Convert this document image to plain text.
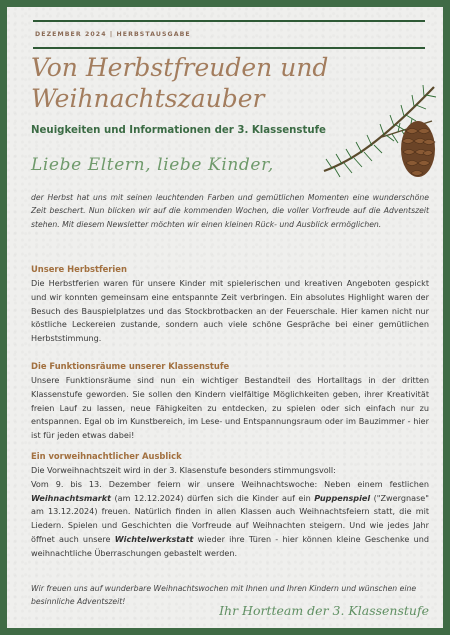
DEZEMBER 2024 | HERBSTAUSGABE
Von Herbstfreuden und
Weihnachtszauber
Neuigkeiten und Informationen der 3. Klassenstufe
Liebe Eltern, liebe Kinder,
der Herbst hat uns mit seinen leuchtenden Farben und gemütlichen Momenten eine wunderschöne Zeit beschert. Nun blicken wir auf die kommenden Wochen, die voller Vorfreude auf die Adventszeit stehen. Mit diesem Newsletter möchten wir einen kleinen Rück- und Ausblick ermöglichen.
Unsere Herbstferien
Die Herbstferien waren für unsere Kinder mit spielerischen und kreativen Angeboten gespickt und wir konnten gemeinsam eine entspannte Zeit verbringen. Ein absolutes Highlight waren der Besuch des Bauspielplatzes und das Stockbrotbacken an der Feuerschale. Hier kamen nicht nur köstliche Leckereien zustande, sondern auch viele schöne Gespräche bei einer gemütlichen Herbststimmung.
Die Funktionsräume unserer Klassenstufe
Unsere Funktionsräume sind nun ein wichtiger Bestandteil des Hortalltags in der dritten Klassenstufe geworden. Sie sollen den Kindern vielfältige Möglichkeiten geben, ihrer Kreativität freien Lauf zu lassen, neue Fähigkeiten zu entdecken, zu spielen oder sich einfach nur zu entspannen. Egal ob im Kunstbereich, im Lese- und Entspannungsraum oder im Bauzimmer - hier ist für jeden etwas dabei!
Ein vorweihnachtlicher Ausblick
Die Vorweihnachtszeit wird in der 3. Klasenstufe besonders stimmungsvoll:
Vom 9. bis 13. Dezember feiern wir unsere Weihnachtswoche: Neben einem festlichen Weihnachtsmarkt (am 12.12.2024) dürfen sich die Kinder auf ein Puppenspiel ("Zwergnase" am 13.12.2024) freuen. Natürlich finden in allen Klassen auch Weihnachtsfeiern statt, die mit Liedern. Spielen und Geschichten die Vorfreude auf Weihnachten steigern. Und wie jedes Jahr öffnet auch unsere Wichtelwerkstatt wieder ihre Türen - hier können kleine Geschenke und weihnachtliche Überraschungen gebastelt werden.
Wir freuen uns auf wunderbare Weihnachtswochen mit Ihnen und Ihren Kindern und wünschen eine besinnliche Adventszeit!
Ihr Hortteam der 3. Klassenstufe
